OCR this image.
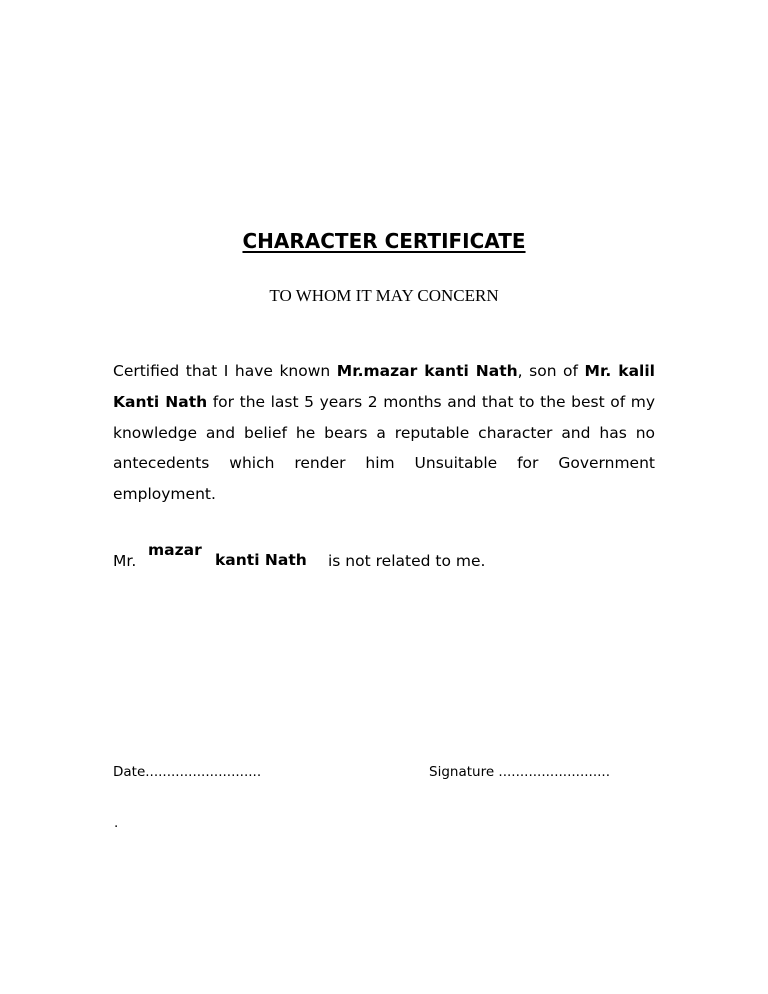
CHARACTER CERTIFICATE

TO WHOM IT MAY CONCERN

Certified that I have known Mr.mazar kanti Nath, son of Mr. kalil Kanti Nath for the last 5 years 2 months and that to the best of my knowledge and belief he bears a reputable character and has no antecedents which render him Unsuitable for Government employment.

Mr.
mazar
kanti Nath is not related to me.
Date...........................	Signature ..........................
.
